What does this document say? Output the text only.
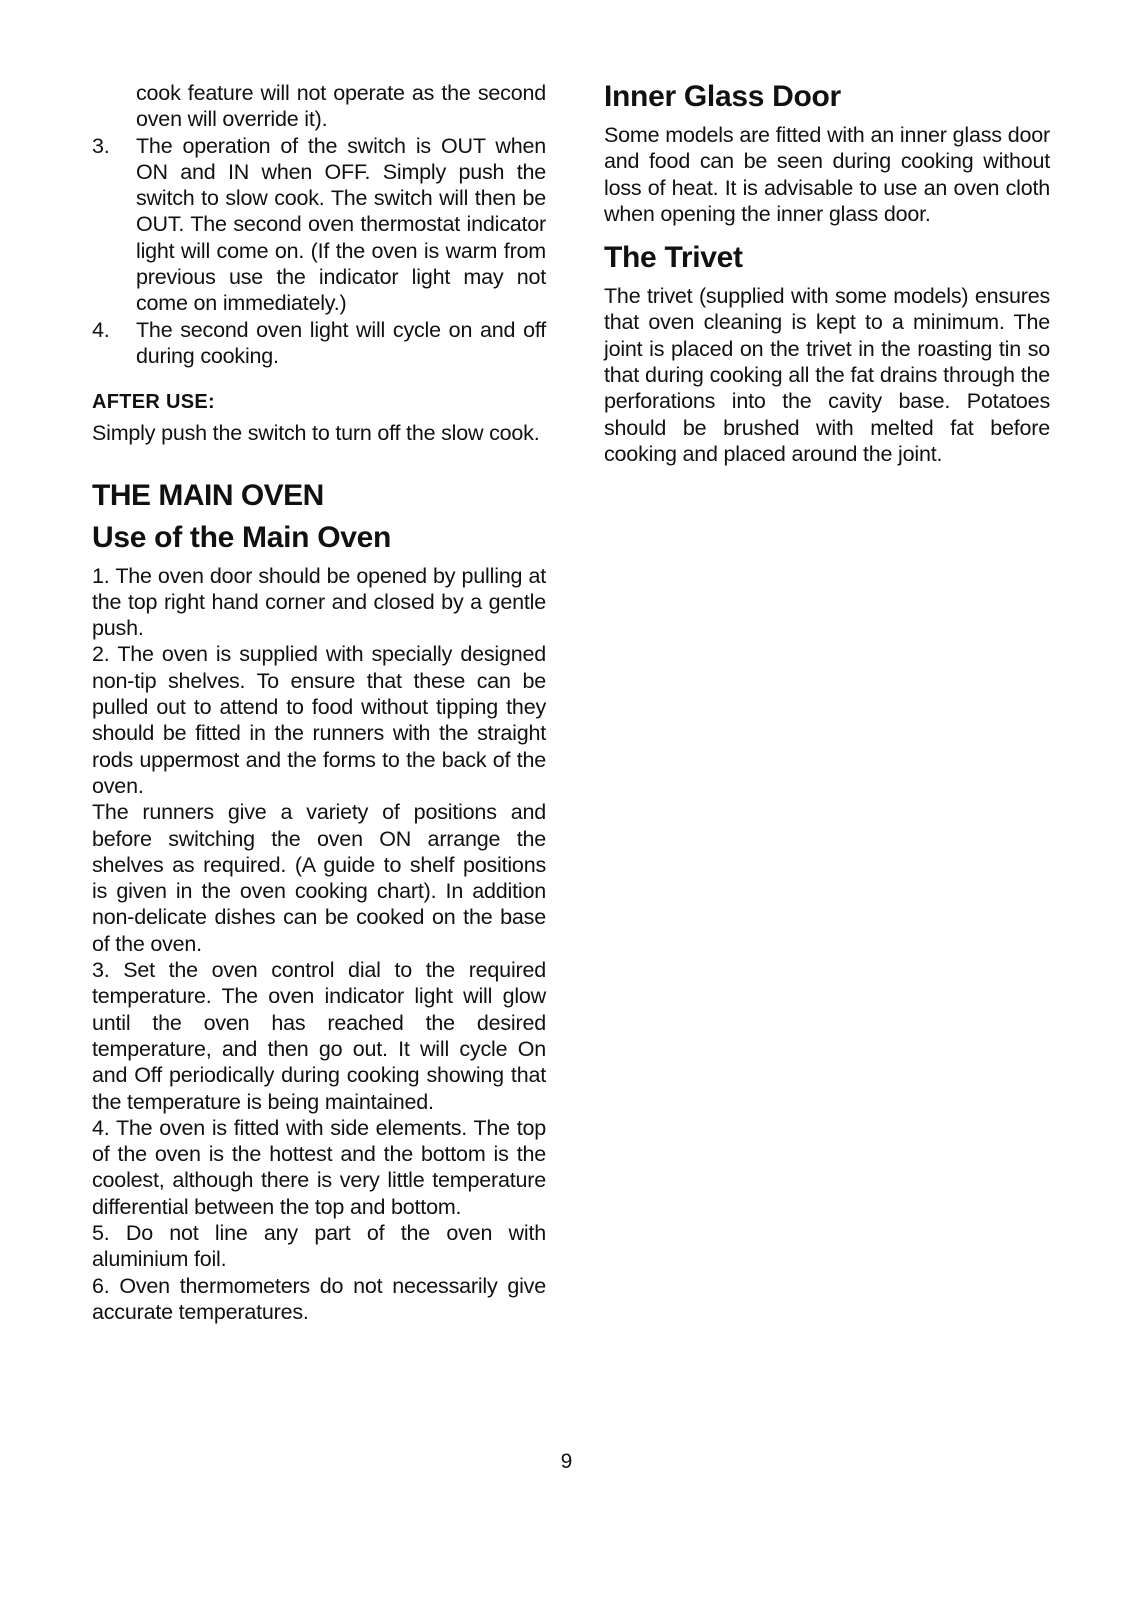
cook feature will not operate as the second oven will override it).

3.	The operation of the switch is OUT when ON and IN when OFF. Simply push the switch to slow cook. The switch will then be OUT. The second oven thermostat indicator light will come on. (If the oven is warm from previous use the indicator light may not come on immediately.)
4.	The second oven light will cycle on and off during cooking.
AFTER USE:

Simply push the switch to turn off the slow cook.

THE MAIN OVEN
Use of the Main Oven
1. The oven door should be opened by pulling at the top right hand corner and closed by a gentle push.
2. The oven is supplied with specially designed non-tip shelves. To ensure that these can be pulled out to attend to food without tipping they should be fitted in the runners with the straight rods uppermost and the forms to the back of the oven.
The runners give a variety of positions and before switching the oven ON arrange the shelves as required. (A guide to shelf positions is given in the oven cooking chart). In addition non-delicate dishes can be cooked on the base of the oven.
3. Set the oven control dial to the required temperature. The oven indicator light will glow until the oven has reached the desired temperature, and then go out. It will cycle On and Off periodically during cooking showing that the temperature is being maintained.
4. The oven is fitted with side elements. The top of the oven is the hottest and the bottom is the coolest, although there is very little temperature differential between the top and bottom.
5. Do not line any part of the oven with aluminium foil.
6. Oven thermometers do not necessarily give accurate temperatures.
Inner Glass Door

Some models are fitted with an inner glass door and food can be seen during cooking without loss of heat. It is advisable to use an oven cloth when opening the inner glass door.

The Trivet

The trivet (supplied with some models) ensures that oven cleaning is kept to a minimum. The joint is placed on the trivet in the roasting tin so that during cooking all the fat drains through the perforations into the cavity base. Potatoes should be brushed with melted fat before cooking and placed around the joint.

9
